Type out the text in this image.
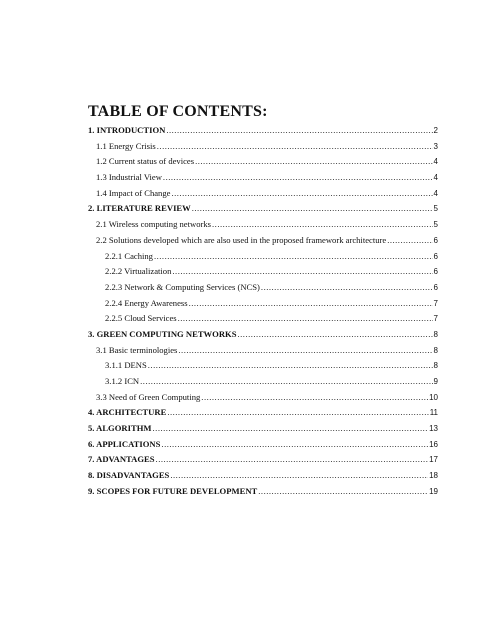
TABLE OF CONTENTS:
1. INTRODUCTION .....	2
1.1 Energy Crisis .....	3
1.2 Current status of devices .....	4
1.3 Industrial View .....	4
1.4 Impact of Change .....	4
2. LITERATURE REVIEW .....	5
2.1 Wireless computing networks .....	5
2.2 Solutions developed which are also used in the proposed framework architecture .....	6
2.2.1 Caching .....	6
2.2.2 Virtualization .....	6
2.2.3 Network & Computing Services (NCS) .....	6
2.2.4 Energy Awareness .....	7
2.2.5 Cloud Services .....	7
3. GREEN COMPUTING NETWORKS .....	8
3.1 Basic terminologies .....	8
3.1.1 DENS .....	8
3.1.2 ICN .....	9
3.3 Need of Green Computing .....	10
4. ARCHITECTURE .....	11
5. ALGORITHM .....	13
6. APPLICATIONS .....	16
7. ADVANTAGES .....	17
8. DISADVANTAGES .....	18
9. SCOPES FOR FUTURE DEVELOPMENT .....	19
